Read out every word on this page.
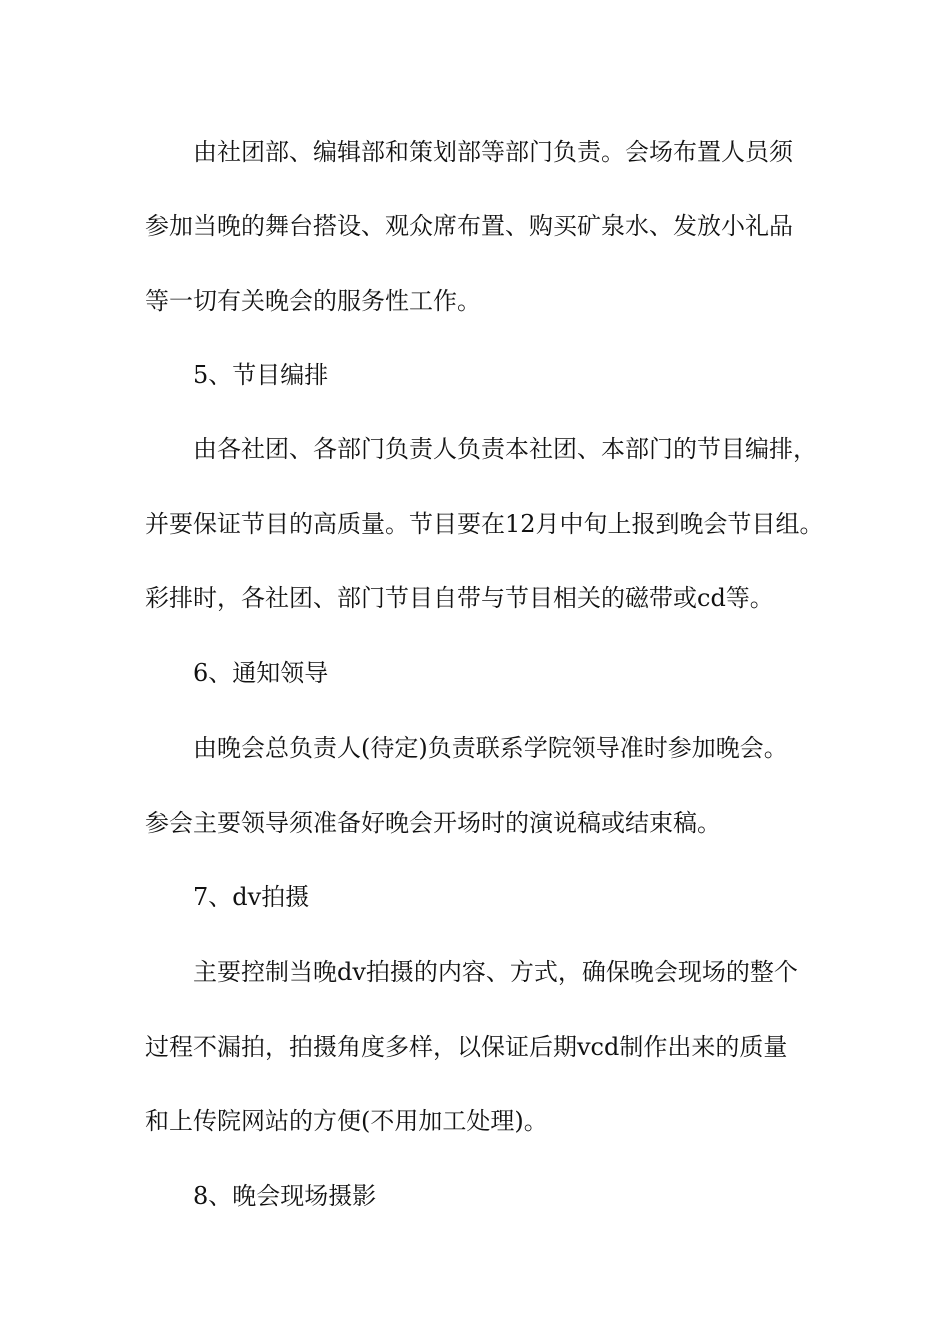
由社团部、编辑部和策划部等部门负责。会场布置人员须
参加当晚的舞台搭设、观众席布置、购买矿泉水、发放小礼品
等一切有关晚会的服务性工作。
5、节目编排
由各社团、各部门负责人负责本社团、本部门的节目编排，
并要保证节目的高质量。节目要在12月中旬上报到晚会节目组。
彩排时，各社团、部门节目自带与节目相关的磁带或cd等。
6、通知领导
由晚会总负责人(待定)负责联系学院领导准时参加晚会。
参会主要领导须准备好晚会开场时的演说稿或结束稿。
7、dv拍摄
主要控制当晚dv拍摄的内容、方式，确保晚会现场的整个
过程不漏拍，拍摄角度多样，以保证后期vcd制作出来的质量
和上传院网站的方便(不用加工处理)。
8、晚会现场摄影
